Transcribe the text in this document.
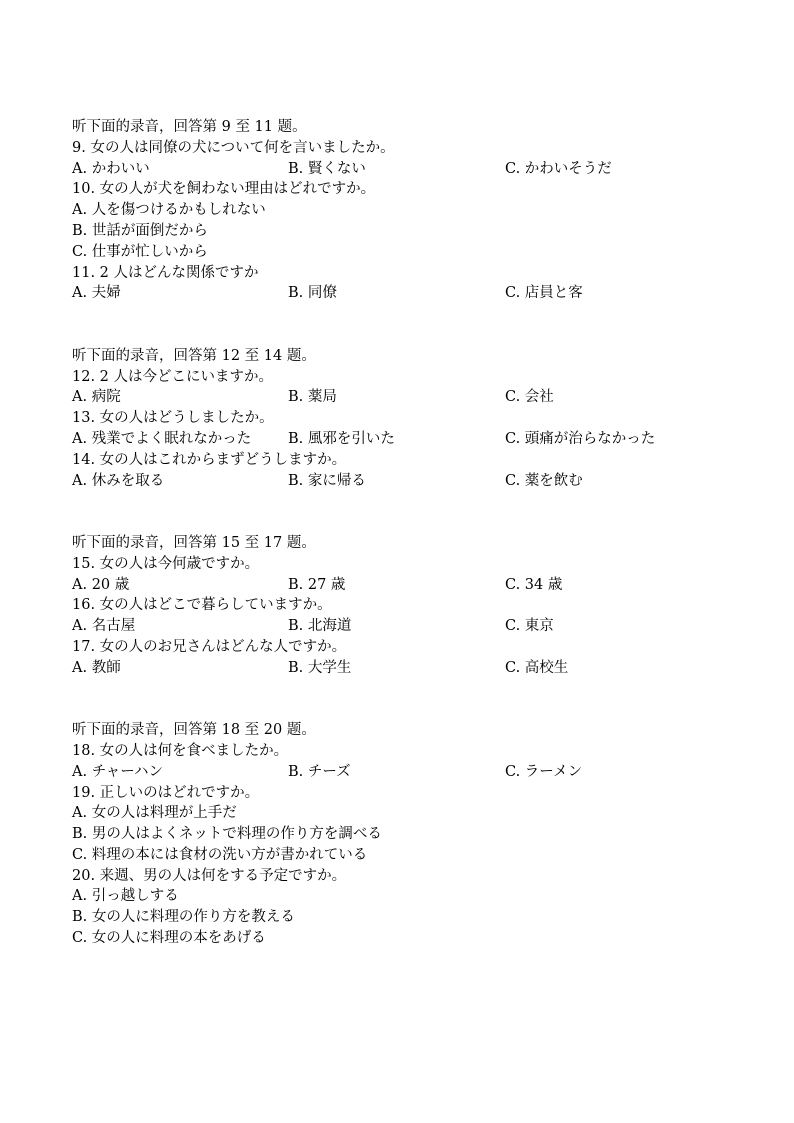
听下面的录音，回答第 9 至 11 题。
9. 女の人は同僚の犬について何を言いましたか。
A. かわいい	B. 賢くない	C. かわいそうだ
10. 女の人が犬を飼わない理由はどれですか。
A. 人を傷つけるかもしれない
B. 世話が面倒だから
C. 仕事が忙しいから
11. 2 人はどんな関係ですか
A. 夫婦	B. 同僚	C. 店員と客
听下面的录音，回答第 12 至 14 题。
12. 2 人は今どこにいますか。
A. 病院	B. 薬局	C. 会社
13. 女の人はどうしましたか。
A. 残業でよく眠れなかった	B. 風邪を引いた	C. 頭痛が治らなかった
14. 女の人はこれからまずどうしますか。
A. 休みを取る	B. 家に帰る	C. 薬を飲む
听下面的录音，回答第 15 至 17 题。
15. 女の人は今何歳ですか。
A. 20 歳	B. 27 歳	C. 34 歳
16. 女の人はどこで暮らしていますか。
A. 名古屋	B. 北海道	C. 東京
17. 女の人のお兄さんはどんな人ですか。
A. 教師	B. 大学生	C. 高校生
听下面的录音，回答第 18 至 20 题。
18. 女の人は何を食べましたか。
A. チャーハン	B. チーズ	C. ラーメン
19. 正しいのはどれですか。
A. 女の人は料理が上手だ
B. 男の人はよくネットで料理の作り方を調べる
C. 料理の本には食材の洗い方が書かれている
20. 来週、男の人は何をする予定ですか。
A. 引っ越しする
B. 女の人に料理の作り方を教える
C. 女の人に料理の本をあげる
